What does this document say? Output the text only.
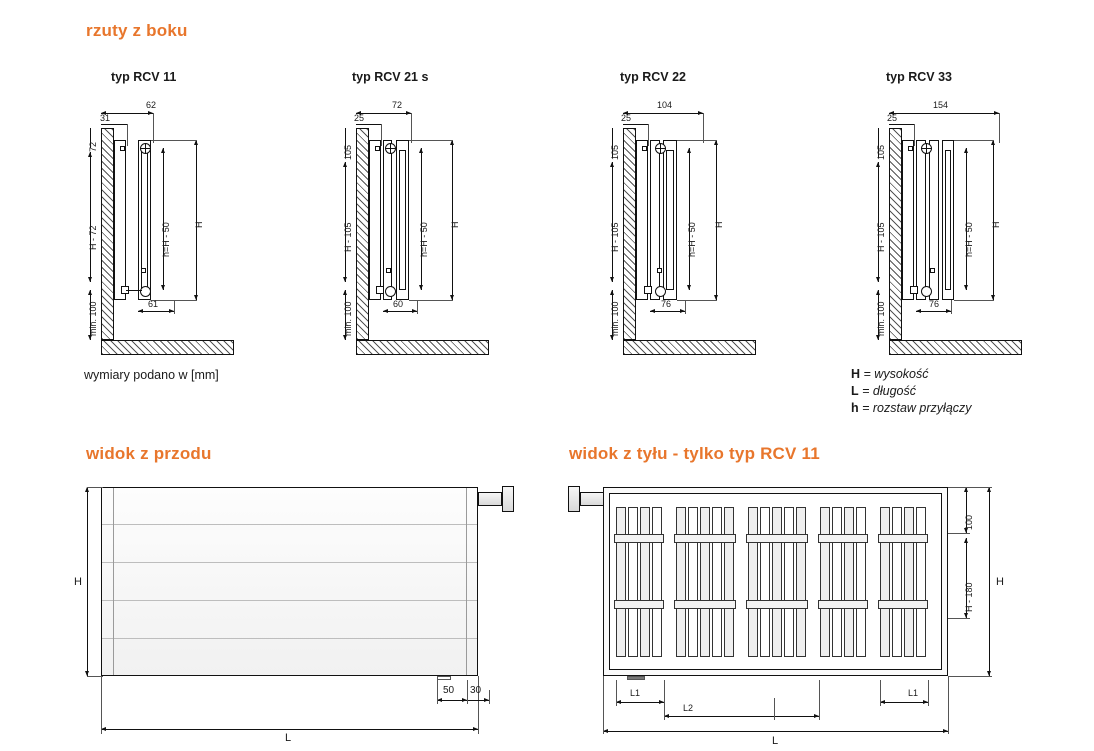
rzuty z boku
typ RCV 11	typ RCV 21 s	typ RCV 22	typ RCV 33
wymiary podano w [mm]	H = wysokość
L = długość
h = rozstaw przyłączy
widok z przodu	widok z tyłu - tylko typ RCV 11
62
31
72
H - 72
min. 100
h=H - 50	H
61
72
25
105
H - 105
min. 100
h=H - 50 H
60
104
25
105
H - 105
min. 100
h=H - 50 H
76
154
25
105
H - 105
min. 100
h=H - 50 H
76
H
L
50 30
100
H - 180
H
L1
L2
L1
L
